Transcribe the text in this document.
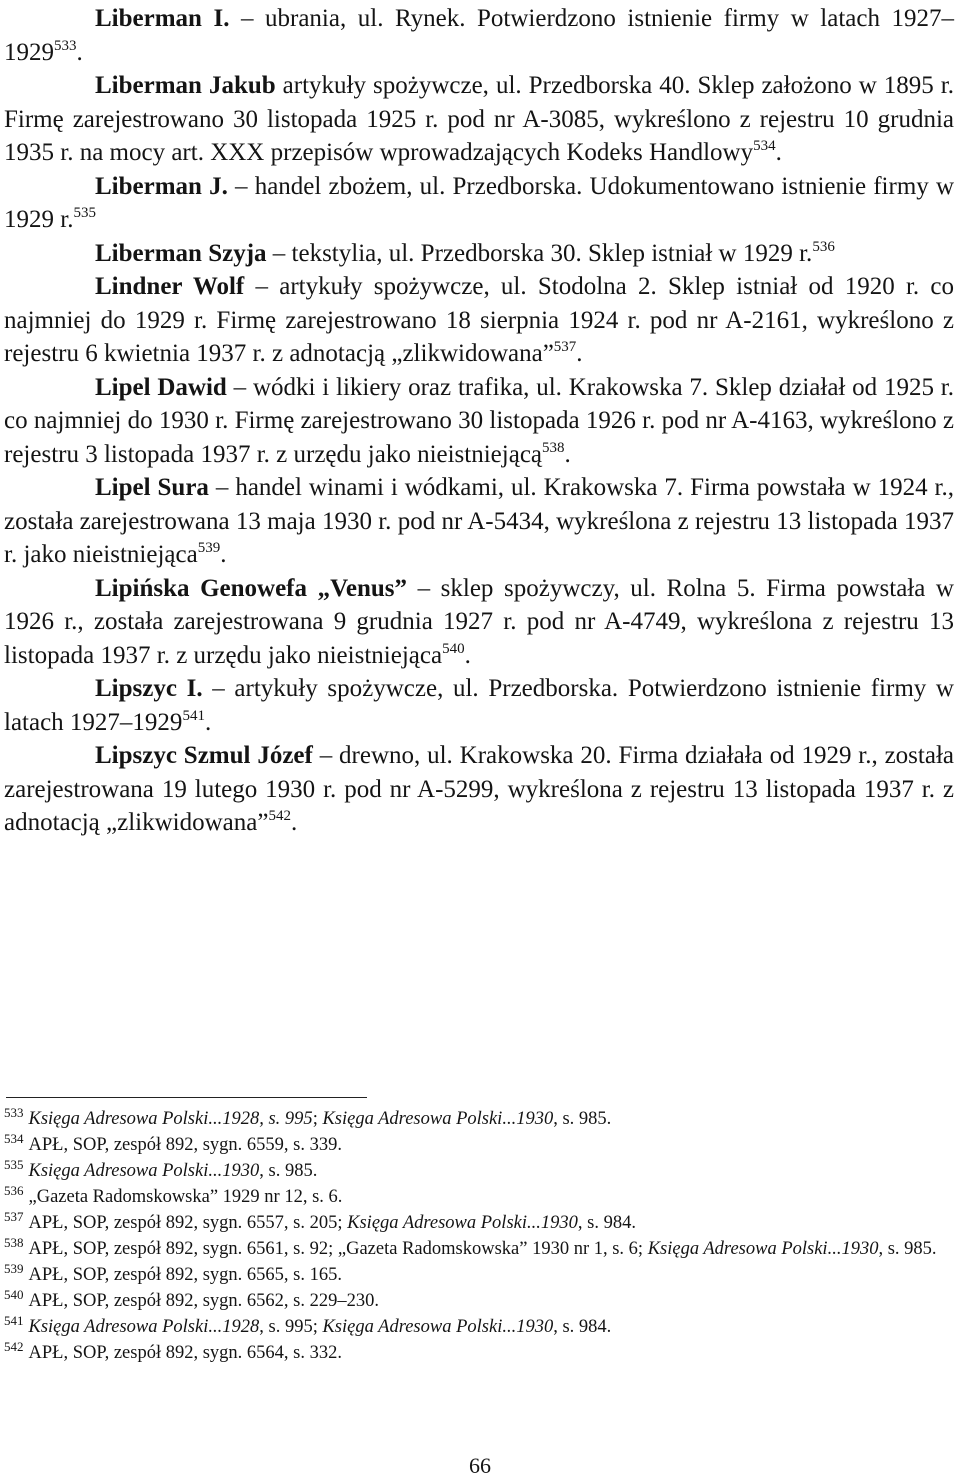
Liberman I. – ubrania, ul. Rynek. Potwierdzono istnienie firmy w latach 1927–1929$^{533}$.

Liberman Jakub artykuły spożywcze, ul. Przedborska 40. Sklep założono w 1895 r. Firmę zarejestrowano 30 listopada 1925 r. pod nr A-3085, wykreślono z rejestru 10 grudnia 1935 r. na mocy art. XXX przepisów wprowadzających Kodeks Handlowy$^{534}$.

Liberman J. – handel zbożem, ul. Przedborska. Udokumentowano istnienie firmy w 1929 r.$^{535}$

Liberman Szyja – tekstylia, ul. Przedborska 30. Sklep istniał w 1929 r.$^{536}$

Lindner Wolf – artykuły spożywcze, ul. Stodolna 2. Sklep istniał od 1920 r. co najmniej do 1929 r. Firmę zarejestrowano 18 sierpnia 1924 r. pod nr A-2161, wykreślono z rejestru 6 kwietnia 1937 r. z adnotacją „zlikwidowana”$^{537}$.

Lipel Dawid – wódki i likiery oraz trafika, ul. Krakowska 7. Sklep działał od 1925 r. co najmniej do 1930 r. Firmę zarejestrowano 30 listopada 1926 r. pod nr A-4163, wykreślono z rejestru 3 listopada 1937 r. z urzędu jako nieistniejącą$^{538}$.

Lipel Sura – handel winami i wódkami, ul. Krakowska 7. Firma powstała w 1924 r., została zarejestrowana 13 maja 1930 r. pod nr A-5434, wykreślona z rejestru 13 listopada 1937 r. jako nieistniejąca$^{539}$.

Lipińska Genowefa „Venus” – sklep spożywczy, ul. Rolna 5. Firma powstała w 1926 r., została zarejestrowana 9 grudnia 1927 r. pod nr A-4749, wykreślona z rejestru 13 listopada 1937 r. z urzędu jako nieistniejąca$^{540}$.

Lipszyc I. – artykuły spożywcze, ul. Przedborska. Potwierdzono istnienie firmy w latach 1927–1929$^{541}$.

Lipszyc Szmul Józef – drewno, ul. Krakowska 20. Firma działała od 1929 r., została zarejestrowana 19 lutego 1930 r. pod nr A-5299, wykreślona z rejestru 13 listopada 1937 r. z adnotacją „zlikwidowana”$^{542}$.

$^{533}$ Księga Adresowa Polski...1928, s. 995; Księga Adresowa Polski...1930, s. 985.

$^{534}$ APŁ, SOP, zespół 892, sygn. 6559, s. 339.

$^{535}$ Księga Adresowa Polski...1930, s. 985.

$^{536}$ „Gazeta Radomskowska” 1929 nr 12, s. 6.

$^{537}$ APŁ, SOP, zespół 892, sygn. 6557, s. 205; Księga Adresowa Polski...1930, s. 984.

$^{538}$ APŁ, SOP, zespół 892, sygn. 6561, s. 92; „Gazeta Radomskowska” 1930 nr 1, s. 6; Księga Adresowa Polski...1930, s. 985.

$^{539}$ APŁ, SOP, zespół 892, sygn. 6565, s. 165.

$^{540}$ APŁ, SOP, zespół 892, sygn. 6562, s. 229–230.

$^{541}$ Księga Adresowa Polski...1928, s. 995; Księga Adresowa Polski...1930, s. 984.

$^{542}$ APŁ, SOP, zespół 892, sygn. 6564, s. 332.

66
